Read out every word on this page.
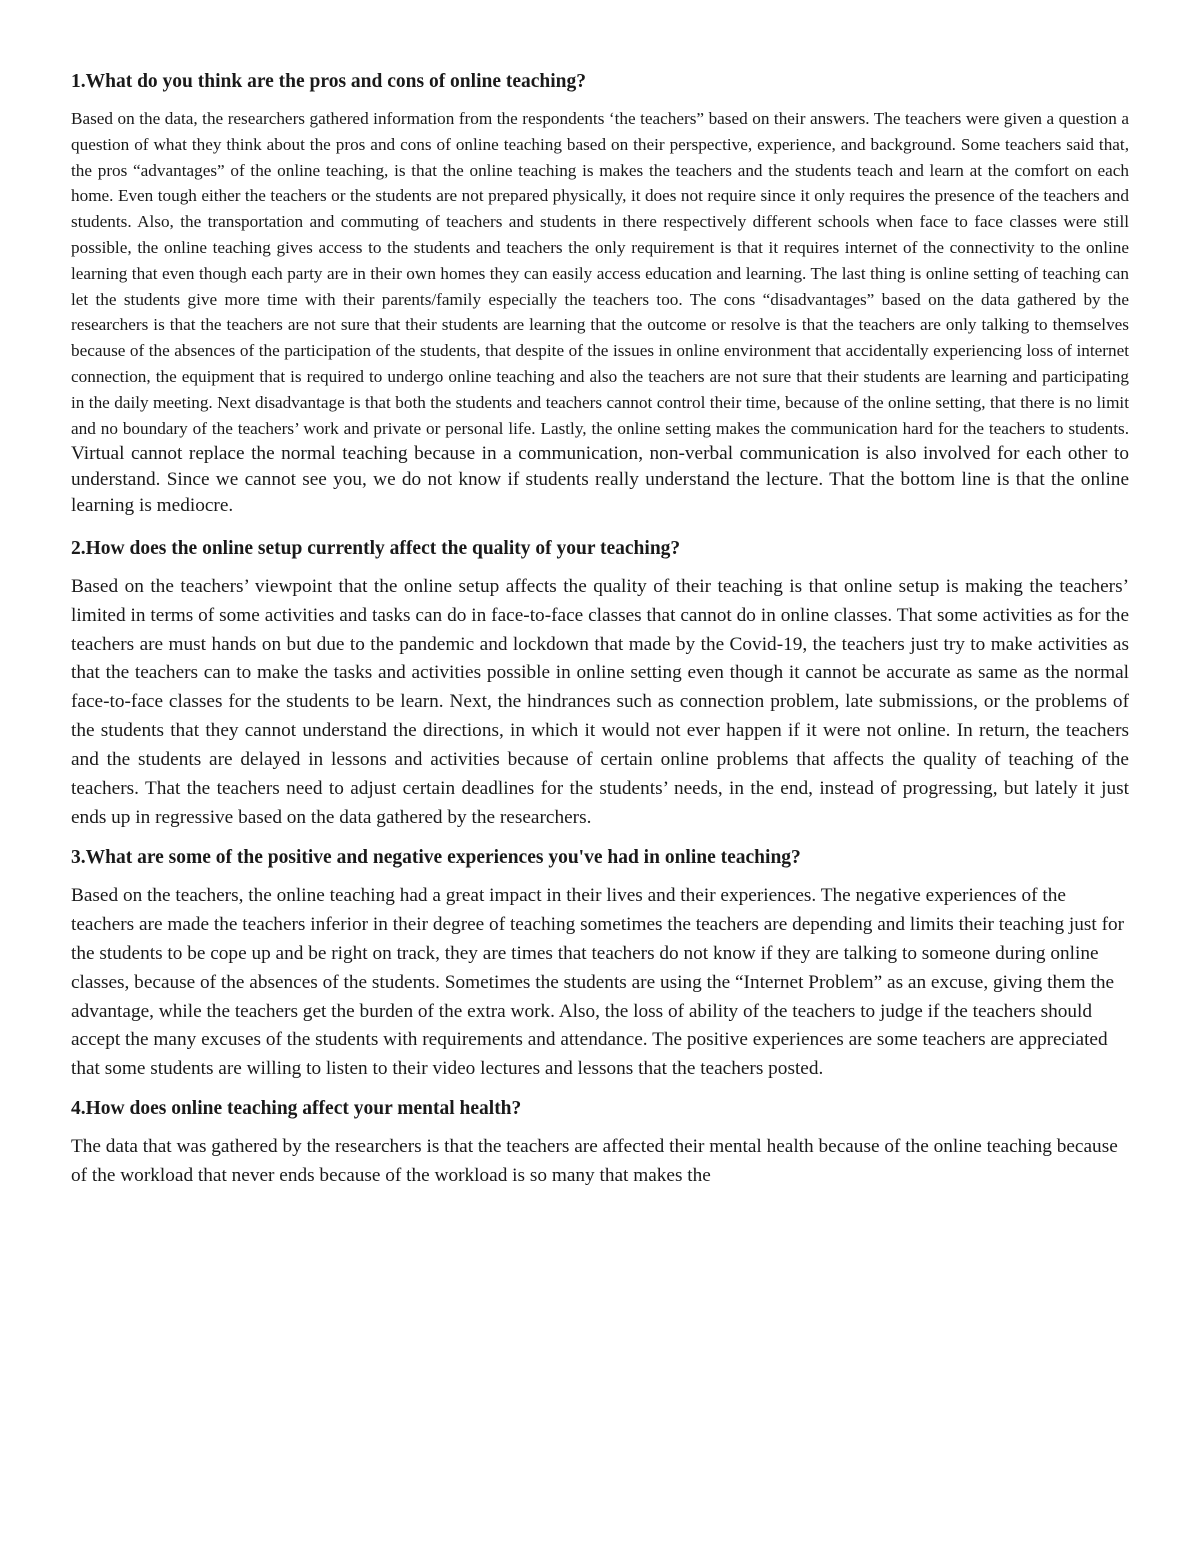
1.What do you think are the pros and cons of online teaching?
Based on the data, the researchers gathered information from the respondents ‘the teachers” based on their answers. The teachers were given a question a question of what they think about the pros and cons of online teaching based on their perspective, experience, and background. Some teachers said that, the pros “advantages” of the online teaching, is that the online teaching is makes the teachers and the students teach and learn at the comfort on each home. Even tough either the teachers or the students are not prepared physically, it does not require since it only requires the presence of the teachers and students. Also, the transportation and commuting of teachers and students in there respectively different schools when face to face classes were still possible, the online teaching gives access to the students and teachers the only requirement is that it requires internet of the connectivity to the online learning that even though each party are in their own homes they can easily access education and learning. The last thing is online setting of teaching can let the students give more time with their parents/family especially the teachers too. The cons “disadvantages” based on the data gathered by the researchers is that the teachers are not sure that their students are learning that the outcome or resolve is that the teachers are only talking to themselves because of the absences of the participation of the students, that despite of the issues in online environment that accidentally experiencing loss of internet connection, the equipment that is required to undergo online teaching and also the teachers are not sure that their students are learning and participating in the daily meeting. Next disadvantage is that both the students and teachers cannot control their time, because of the online setting, that there is no limit and no boundary of the teachers’ work and private or personal life. Lastly, the online setting makes the communication hard for the teachers to students. Virtual cannot replace the normal teaching because in a communication, non-verbal communication is also involved for each other to understand. Since we cannot see you, we do not know if students really understand the lecture. That the bottom line is that the online learning is mediocre.
2.How does the online setup currently affect the quality of your teaching?
Based on the teachers’ viewpoint that the online setup affects the quality of their teaching is that online setup is making the teachers’ limited in terms of some activities and tasks can do in face-to-face classes that cannot do in online classes. That some activities as for the teachers are must hands on but due to the pandemic and lockdown that made by the Covid-19, the teachers just try to make activities as that the teachers can to make the tasks and activities possible in online setting even though it cannot be accurate as same as the normal face-to-face classes for the students to be learn. Next, the hindrances such as connection problem, late submissions, or the problems of the students that they cannot understand the directions, in which it would not ever happen if it were not online. In return, the teachers and the students are delayed in lessons and activities because of certain online problems that affects the quality of teaching of the teachers. That the teachers need to adjust certain deadlines for the students’ needs, in the end, instead of progressing, but lately it just ends up in regressive based on the data gathered by the researchers.
3.What are some of the positive and negative experiences you've had in online teaching?
Based on the teachers, the online teaching had a great impact in their lives and their experiences. The negative experiences of the teachers are made the teachers inferior in their degree of teaching sometimes the teachers are depending and limits their teaching just for the students to be cope up and be right on track, they are times that teachers do not know if they are talking to someone during online classes, because of the absences of the students. Sometimes the students are using the “Internet Problem” as an excuse, giving them the advantage, while the teachers get the burden of the extra work. Also, the loss of ability of the teachers to judge if the teachers should accept the many excuses of the students with requirements and attendance. The positive experiences are some teachers are appreciated that some students are willing to listen to their video lectures and lessons that the teachers posted.
4.How does online teaching affect your mental health?
The data that was gathered by the researchers is that the teachers are affected their mental health because of the online teaching because of the workload that never ends because of the workload is so many that makes the
